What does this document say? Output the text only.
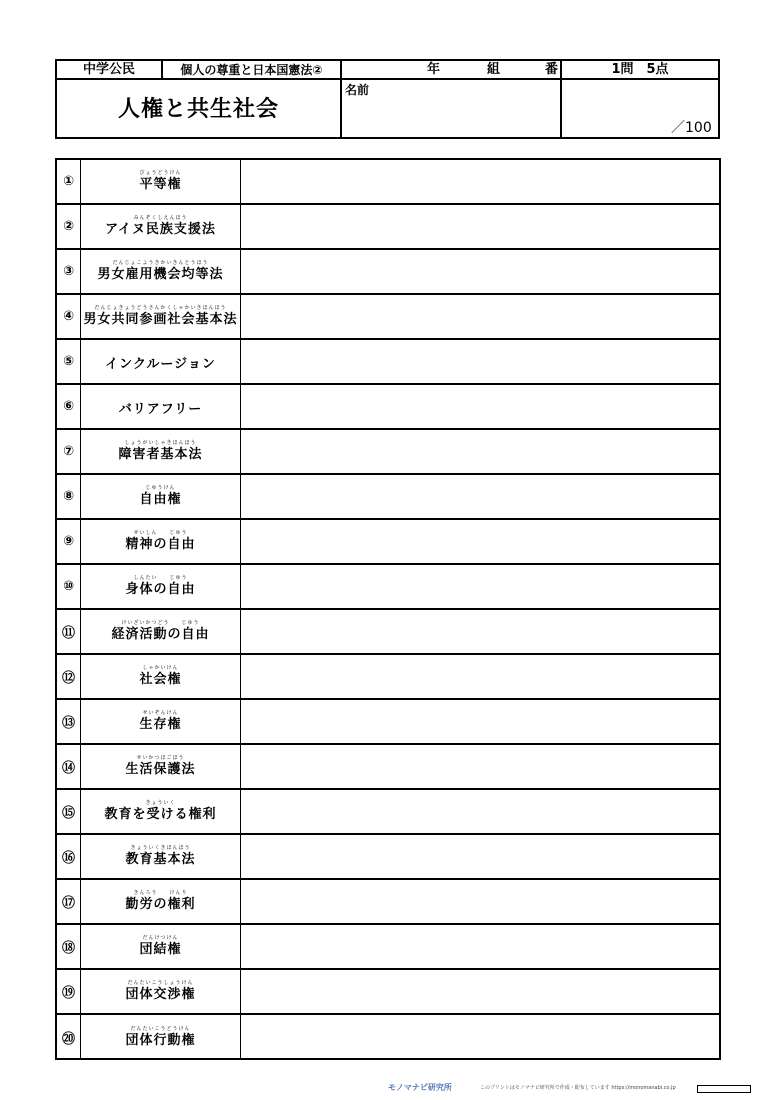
中学公民	個人の尊重と日本国憲法②	年	組	番	1問　5点
人権と共生社会
名前
／100
①
びょうどうけん
平等権
②
みんぞくしえんほう
アイヌ民族支援法
③
だんじょこようきかいきんとうほう
男女雇用機会均等法
④
だんじょきょうどうさんかくしゃかいきほんほう
男女共同参画社会基本法
⑤	インクルージョン
⑥	バリアフリー
⑦
しょうがいしゃきほんほう
障害者基本法
⑧
じゆうけん
自由権
⑨
せいしん　　じゆう
精神の自由
⑩
しんたい　　じゆう
身体の自由
⑪
けいざいかつどう　　じゆう
経済活動の自由
⑫
しゃかいけん
社会権
⑬
せいぞんけん
生存権
⑭
せいかつほごほう
生活保護法
⑮
きょういく
教育を受ける権利
⑯
きょういくきほんほう
教育基本法
⑰
きんろう　　けんり
勤労の権利
⑱
だんけつけん
団結権
⑲
だんたいこうしょうけん
団体交渉権
⑳
だんたいこうどうけん
団体行動権
モノマナビ研究所	このプリントはモノマナビ研究所で作成・配布しています https://monomanabi.co.jp
